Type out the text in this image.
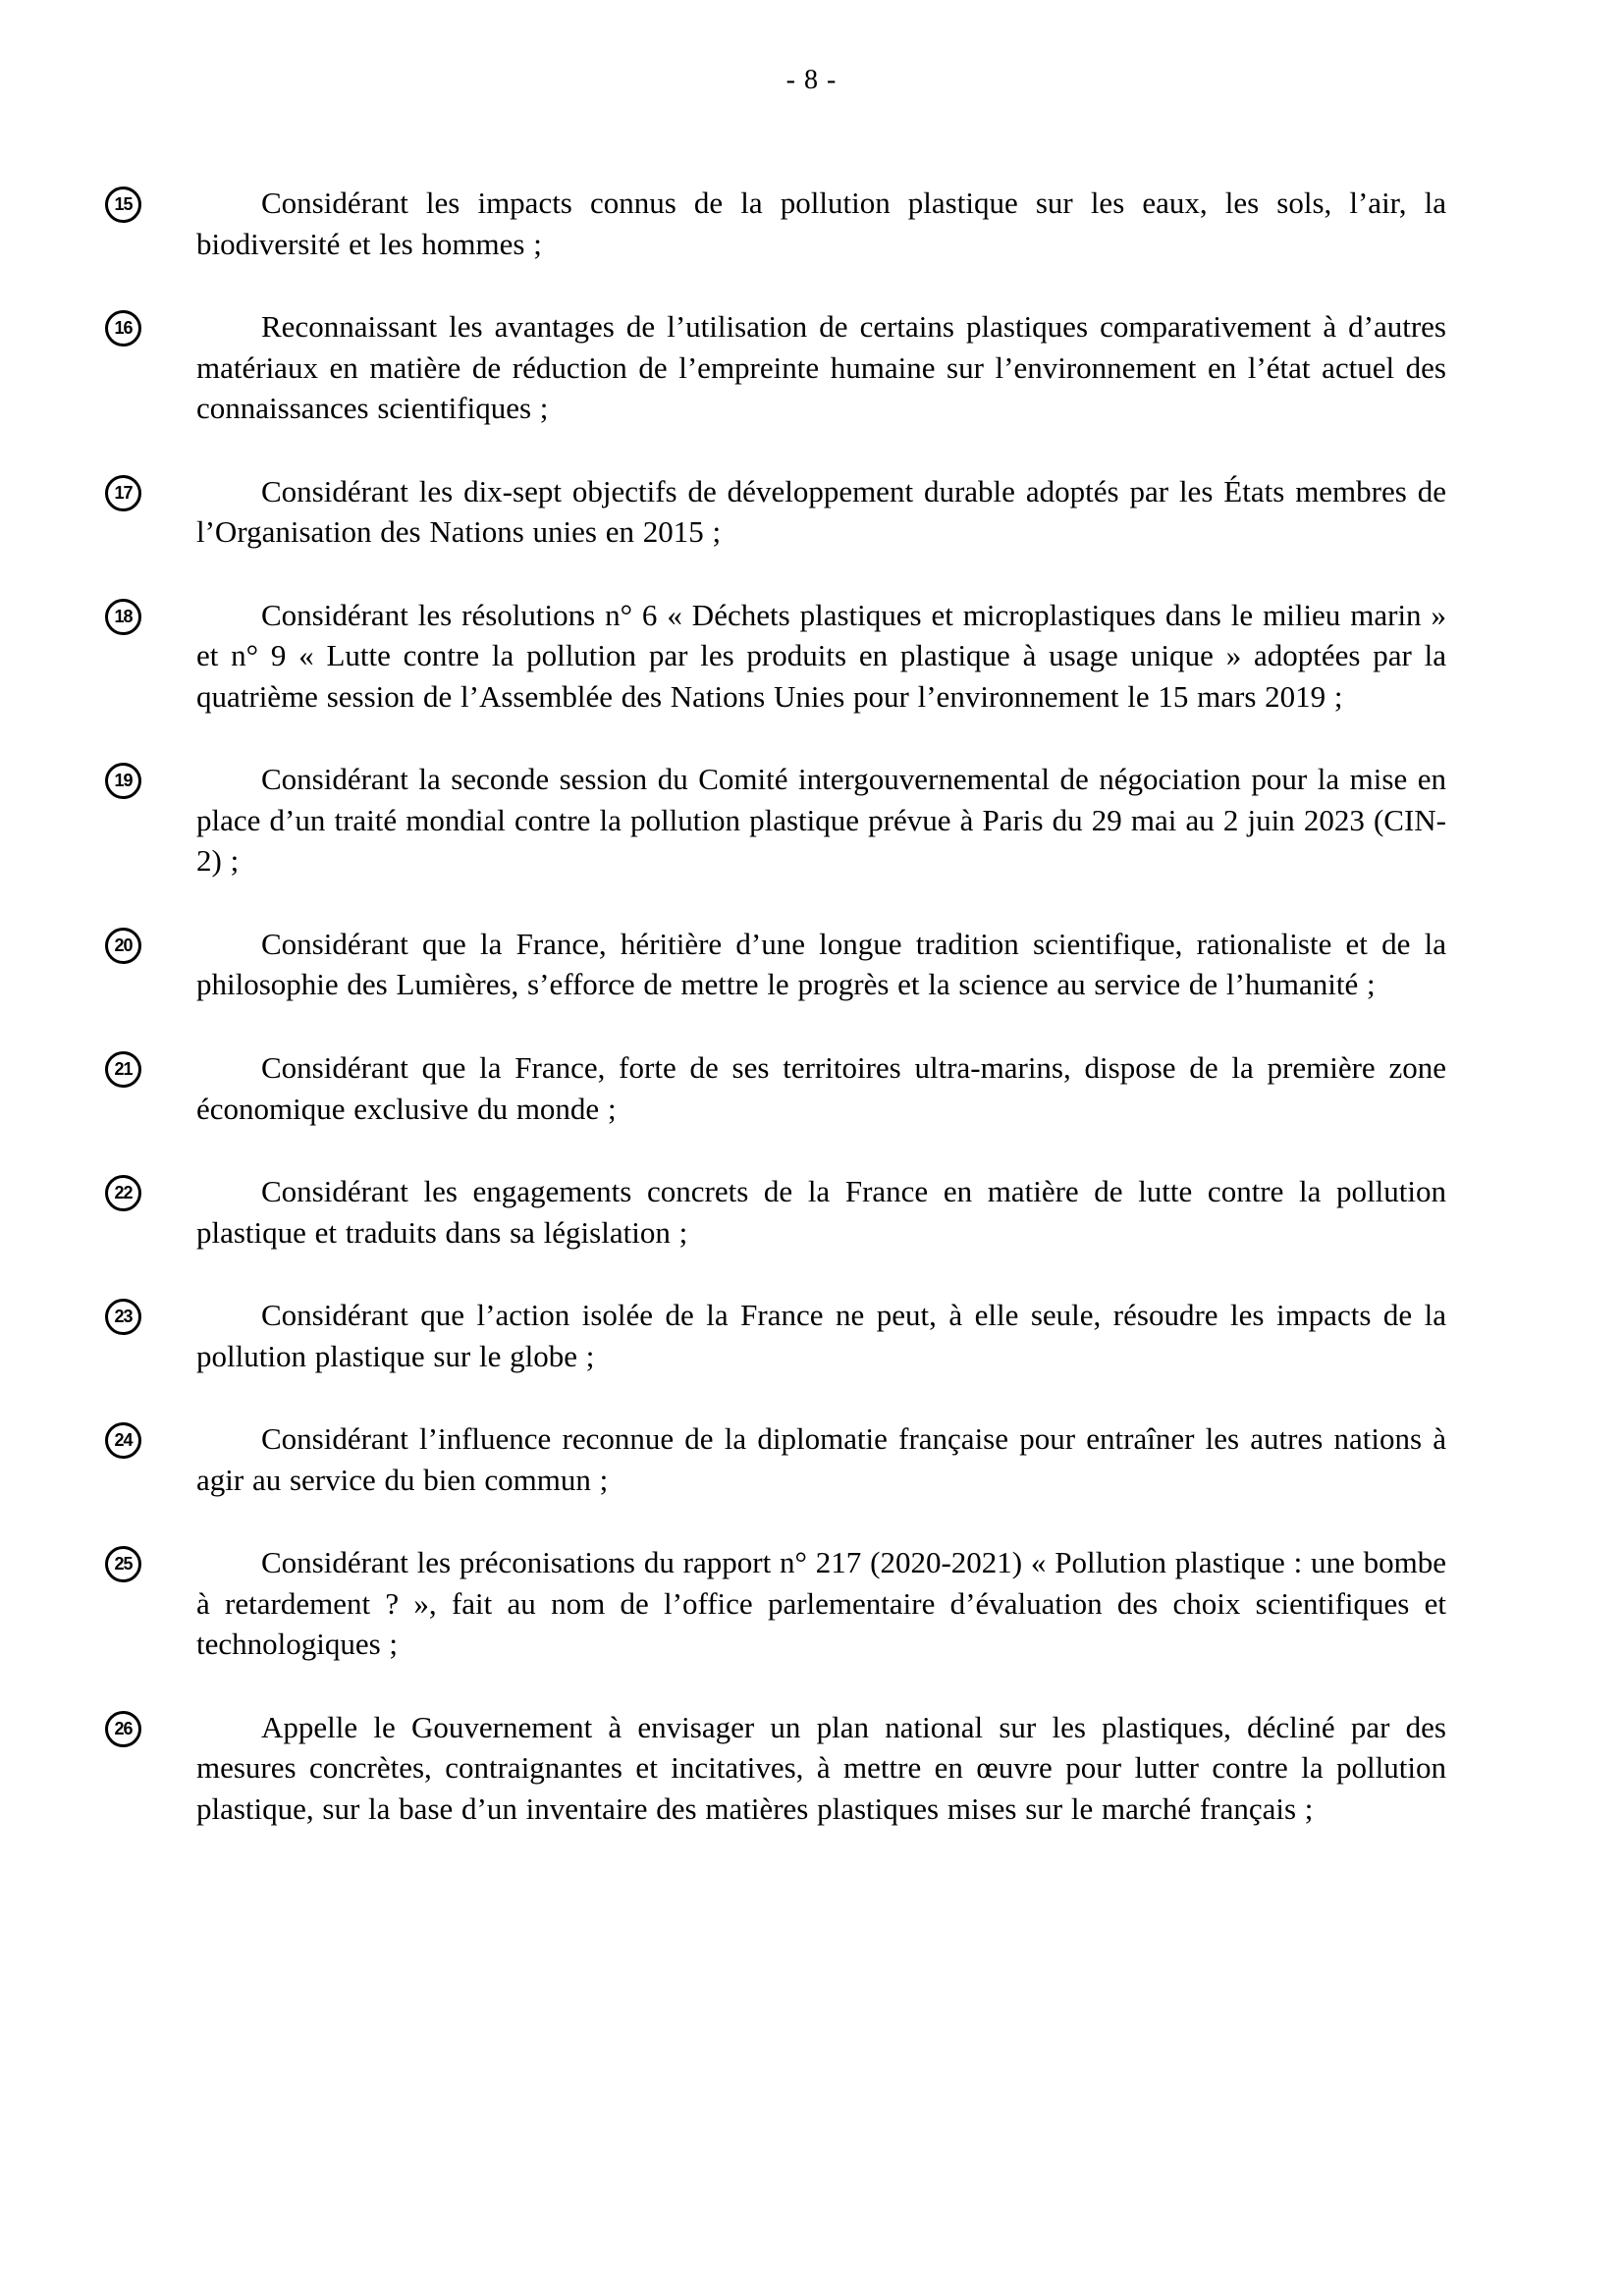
- 8 -
15	Considérant les impacts connus de la pollution plastique sur les eaux, les sols, l’air, la biodiversité et les hommes ;
16	Reconnaissant les avantages de l’utilisation de certains plastiques comparativement à d’autres matériaux en matière de réduction de l’empreinte humaine sur l’environnement en l’état actuel des connaissances scientifiques ;
17	Considérant les dix-sept objectifs de développement durable adoptés par les États membres de l’Organisation des Nations unies en 2015 ;
18	Considérant les résolutions n° 6 « Déchets plastiques et microplastiques dans le milieu marin » et n° 9 « Lutte contre la pollution par les produits en plastique à usage unique » adoptées par la quatrième session de l’Assemblée des Nations Unies pour l’environnement le 15 mars 2019 ;
19	Considérant la seconde session du Comité intergouvernemental de négociation pour la mise en place d’un traité mondial contre la pollution plastique prévue à Paris du 29 mai au 2 juin 2023 (CIN-2) ;
20	Considérant que la France, héritière d’une longue tradition scientifique, rationaliste et de la philosophie des Lumières, s’efforce de mettre le progrès et la science au service de l’humanité ;
21	Considérant que la France, forte de ses territoires ultra-marins, dispose de la première zone économique exclusive du monde ;
22	Considérant les engagements concrets de la France en matière de lutte contre la pollution plastique et traduits dans sa législation ;
23	Considérant que l’action isolée de la France ne peut, à elle seule, résoudre les impacts de la pollution plastique sur le globe ;
24	Considérant l’influence reconnue de la diplomatie française pour entraîner les autres nations à agir au service du bien commun ;
25	Considérant les préconisations du rapport n° 217 (2020-2021) « Pollution plastique : une bombe à retardement ? », fait au nom de l’office parlementaire d’évaluation des choix scientifiques et technologiques ;
26	Appelle le Gouvernement à envisager un plan national sur les plastiques, décliné par des mesures concrètes, contraignantes et incitatives, à mettre en œuvre pour lutter contre la pollution plastique, sur la base d’un inventaire des matières plastiques mises sur le marché français ;
